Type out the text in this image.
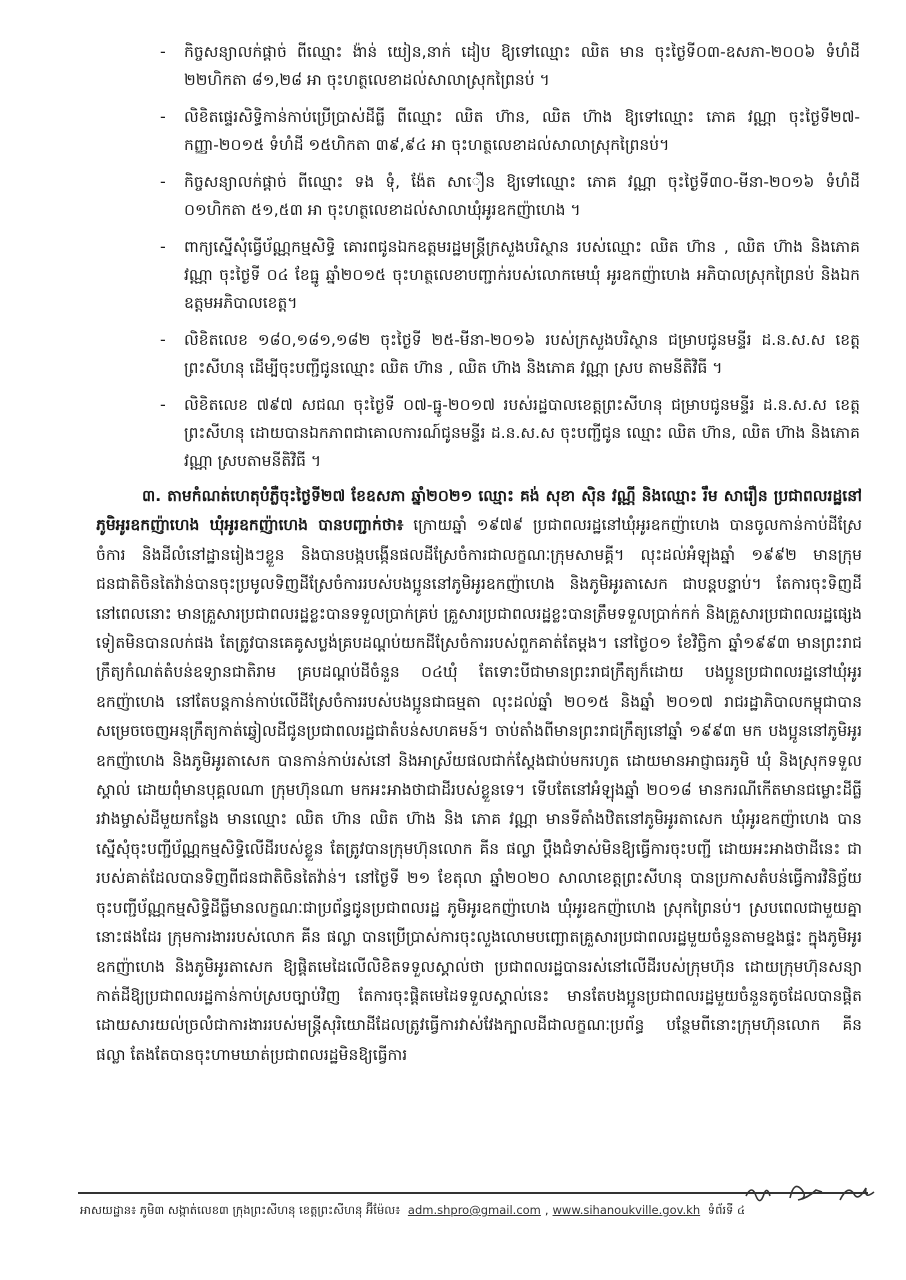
- កិច្ចសន្យាលក់ផ្តាច់ ពីឈ្មោះ ង៉ាន់ យៀន,នាក់ ដៀប ឱ្យទៅឈ្មោះ ឈិត មាន ចុះថ្ងៃទី០៣-ឧសភា-២០០៦ ទំហំដី ២២ហិកតា ៨១,២៨ អា ចុះហត្ថលេខាដល់សាលាស្រុកព្រៃនប់ ។

- លិខិតផ្ទេរសិទ្ធិកាន់កាប់ប្រើប្រាស់ដីធ្លី ពីឈ្មោះ ឈិត ហ៊ាន, ឈិត ហ៊ាង ឱ្យទៅឈ្មោះ ភោគ វណ្ណា ចុះថ្ងៃទី២៧-កញ្ញា-២០១៥ ទំហំដី ១៥ហិកតា ៣៩,៩៤ អា ចុះហត្ថលេខាដល់សាលាស្រុកព្រៃនប់។

- កិច្ចសន្យាលក់ផ្តាច់ ពីឈ្មោះ ទង ទុំ, ង៉ែត សាឿន ឱ្យទៅឈ្មោះ ភោគ វណ្ណា ចុះថ្ងៃទី៣០-មីនា-២០១៦ ទំហំដី ០១ហិកតា ៥១,៥៣ អា ចុះហត្ថលេខាដល់សាលាឃុំអូរឧកញ៉ាហេង ។

- ពាក្យស្នើសុំធ្វើប័ណ្ណកម្មសិទ្ធិ គោរពជូនឯកឧត្តមរដ្ឋមន្ត្រីក្រសួងបរិស្ថាន របស់ឈ្មោះ ឈិត ហ៊ាន , ឈិត ហ៊ាង និងភោគ វណ្ណា ចុះថ្ងៃទី ០៤ ខែធ្នូ ឆ្នាំ២០១៥ ចុះហត្ថលេខាបញ្ជាក់របស់លោកមេឃុំ អូរឧកញ៉ាហេង អភិបាលស្រុកព្រៃនប់ និងឯកឧត្តមអភិបាលខេត្ត។

- លិខិតលេខ ១៨០,១៨១,១៨២ ចុះថ្ងៃទី ២៥-មីនា-២០១៦ របស់ក្រសួងបរិស្ថាន ជម្រាបជូនមន្ទីរ ដ.ន.ស.ស ខេត្តព្រះសីហនុ ដើម្បីចុះបញ្ជីជូនឈ្មោះ ឈិត ហ៊ាន , ឈិត ហ៊ាង និងភោគ វណ្ណា ស្រប តាមនីតិវិធី ។

- លិខិតលេខ ៧៩៧ សជណ ចុះថ្ងៃទី ០៧-ធ្នូ-២០១៧ របស់រដ្ឋបាលខេត្តព្រះសីហនុ ជម្រាបជូនមន្ទីរ ដ.ន.ស.ស ខេត្តព្រះសីហនុ ដោយបានឯកភាពជាគោលការណ៍ជូនមន្ទីរ ដ.ន.ស.ស ចុះបញ្ជីជូន ឈ្មោះ ឈិត ហ៊ាន, ឈិត ហ៊ាង និងភោគ វណ្ណា ស្របតាមនីតិវិធី ។

៣. តាមកំណត់ហេតុបំភ្លឺចុះថ្ងៃទី២៧ ខែឧសភា ឆ្នាំ២០២១ ឈ្មោះ គង់ សុខា ស៊ិន វណ្ណី និងឈ្មោះ រឹម សារឿន ប្រជាពលរដ្ឋនៅភូមិអូរឧកញ៉ាហេង ឃុំអូរឧកញ៉ាហេង បានបញ្ជាក់ថា៖ ក្រោយឆ្នាំ ១៩៧៩ ប្រជាពលរដ្ឋនៅឃុំអូរឧកញ៉ាហេង បានចូលកាន់កាប់ដីស្រែចំការ និងដីលំនៅដ្ឋានរៀងៗខ្លួន និងបានបង្កបង្កើនផលដីស្រែចំការជាលក្ខណៈក្រុមសាមគ្គី។ លុះដល់អំឡុងឆ្នាំ ១៩៩២ មានក្រុមជនជាតិចិនតៃវ៉ាន់បានចុះប្រមូលទិញដីស្រែចំការរបស់បងប្អូននៅភូមិអូរឧកញ៉ាហេង និងភូមិអូរតាសេក ជាបន្តបន្ទាប់។ តែការចុះទិញដីនៅពេលនោះ មានគ្រួសារប្រជាពលរដ្ឋខ្លះបានទទួលប្រាក់គ្រប់ គ្រួសារប្រជាពលរដ្ឋខ្លះបានត្រឹមទទួលប្រាក់កក់ និងគ្រួសារប្រជាពលរដ្ឋផ្សេងទៀតមិនបានលក់ផង តែត្រូវបានគេគូសប្លង់គ្របដណ្តប់យកដីស្រែចំការរបស់ពួកគាត់តែម្តង។ នៅថ្ងៃ០១ ខែវិច្ឆិកា ឆ្នាំ១៩៩៣ មានព្រះរាជក្រឹត្យកំណត់តំបន់ឧទ្យានជាតិរាម គ្របដណ្តប់ដីចំនួន ០៤ឃុំ តែទោះបីជាមានព្រះរាជក្រឹត្យក៏ដោយ បងប្អូនប្រជាពលរដ្ឋនៅឃុំអូរឧកញ៉ាហេង នៅតែបន្តកាន់កាប់លើដីស្រែចំការរបស់បងប្អូនជាធម្មតា លុះដល់ឆ្នាំ ២០១៥ និងឆ្នាំ ២០១៧ រាជរដ្ឋាភិបាលកម្ពុជាបានសម្រេចចេញអនុក្រឹត្យកាត់ឆ្វៀលដីជូនប្រជាពលរដ្ឋជាតំបន់សហគមន៍។ ចាប់តាំងពីមានព្រះរាជក្រឹត្យនៅឆ្នាំ ១៩៩៣ មក បងប្អូននៅភូមិអូរឧកញ៉ាហេង និងភូមិអូរតាសេក បានកាន់កាប់រស់នៅ និងអាស្រ័យផលជាក់ស្តែងជាប់មករហូត ដោយមានអាជ្ញាធរភូមិ ឃុំ និងស្រុកទទួលស្គាល់ ដោយពុំមានបុគ្គលណា ក្រុមហ៊ុនណា មកអះអាងថាជាដីរបស់ខ្លួនទេ។ ទើបតែនៅអំឡុងឆ្នាំ ២០១៨ មានករណីកើតមានជម្លោះដីធ្លីរវាងម្ចាស់ដីមួយកន្លែង មានឈ្មោះ ឈិត ហ៊ាន ឈិត ហ៊ាង និង ភោគ វណ្ណា មានទីតាំងឋិតនៅភូមិអូរតាសេក ឃុំអូរឧកញ៉ាហេង បានស្នើសុំចុះបញ្ជីប័ណ្ណកម្មសិទ្ធិលើដីរបស់ខ្លួន តែត្រូវបានក្រុមហ៊ុនលោក គីន ផល្លា ប្តឹងជំទាស់មិនឱ្យធ្វើការចុះបញ្ជី ដោយអះអាងថាដីនេះ ជារបស់គាត់ដែលបានទិញពីជនជាតិចិនតៃវ៉ាន់។ នៅថ្ងៃទី ២១ ខែតុលា ឆ្នាំ២០២០ សាលាខេត្តព្រះសីហនុ បានប្រកាសតំបន់ធ្វើការវិនិច្ឆ័យចុះបញ្ជីប័ណ្ណកម្មសិទ្ធិដីធ្លីមានលក្ខណៈជាប្រព័ន្ធជូនប្រជាពលរដ្ឋ ភូមិអូរឧកញ៉ាហេង ឃុំអូរឧកញ៉ាហេង ស្រុកព្រៃនប់។ ស្របពេលជាមួយគ្នានោះផងដែរ ក្រុមការងាររបស់លោក គីន ផល្លា បានប្រើប្រាស់ការចុះលួងលោមបញ្ឆោតគ្រួសារប្រជាពលរដ្ឋមួយចំនួនតាមខ្នងផ្ទះ ក្នុងភូមិអូរឧកញ៉ាហេង និងភូមិអូរតាសេក ឱ្យផ្តិតមេដៃលើលិខិតទទួលស្គាល់ថា ប្រជាពលរដ្ឋបានរស់នៅលើដីរបស់ក្រុមហ៊ុន ដោយក្រុមហ៊ុនសន្យាកាត់ដីឱ្យប្រជាពលរដ្ឋកាន់កាប់ស្របច្បាប់វិញ តែការចុះផ្តិតមេដៃទទួលស្គាល់នេះ មានតែបងប្អូនប្រជាពលរដ្ឋមួយចំនួនតូចដែលបានផ្តិត ដោយសារយល់ច្រលំជាការងាររបស់មន្ត្រីសុរិយោដីដែលត្រូវធ្វើការវាស់វែងក្បាលដីជាលក្ខណៈប្រព័ន្ធ បន្ថែមពីនោះក្រុមហ៊ុនលោក គីន ផល្លា តែងតែបានចុះហាមឃាត់ប្រជាពលរដ្ឋមិនឱ្យធ្វើការ

អាសយដ្ឋាន៖ ភូមិ៣ សង្កាត់លេខ៣ ក្រុងព្រះសីហនុ ខេត្តព្រះសីហនុ អ៊ីម៉ែល៖ adm.shpro@gmail.com , www.sihanoukville.gov.kh ទំព័រទី ៤
